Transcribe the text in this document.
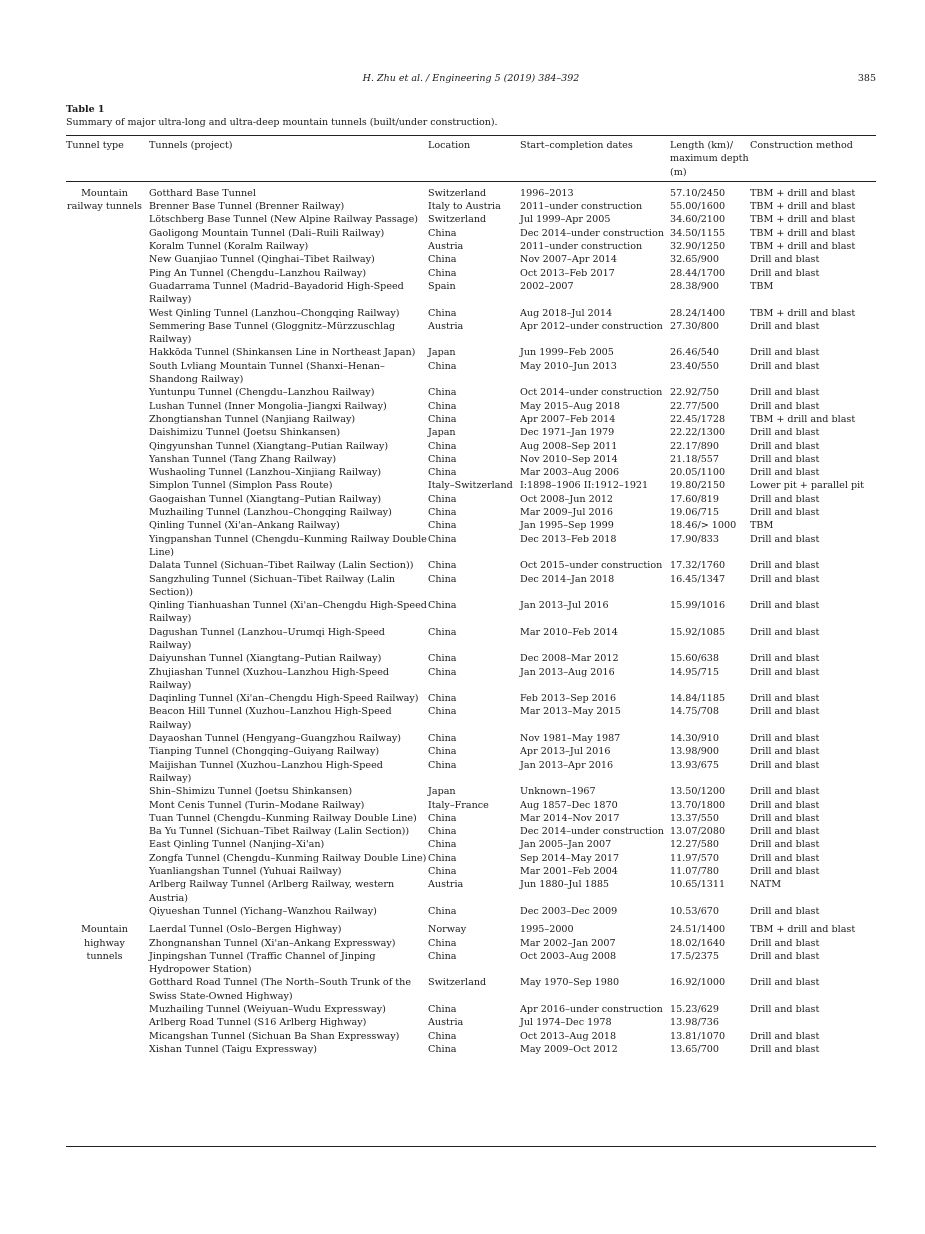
H. Zhu et al. / Engineering 5 (2019) 384–392	385
Table 1
Summary of major ultra-long and ultra-deep mountain tunnels (built/under construction).
Tunnel type	Tunnels (project)	Location	Start–completion dates	Length (km)/ maximum depth (m)	Construction method
Mountain railway tunnels	Gotthard Base Tunnel	Switzerland	1996–2013	57.10/2450	TBM + drill and blast
	Brenner Base Tunnel (Brenner Railway)	Italy to Austria	2011–under construction	55.00/1600	TBM + drill and blast
	Lötschberg Base Tunnel (New Alpine Railway Passage)	Switzerland	Jul 1999–Apr 2005	34.60/2100	TBM + drill and blast
	Gaoligong Mountain Tunnel (Dali–Ruili Railway)	China	Dec 2014–under construction	34.50/1155	TBM + drill and blast
	Koralm Tunnel (Koralm Railway)	Austria	2011–under construction	32.90/1250	TBM + drill and blast
	New Guanjiao Tunnel (Qinghai–Tibet Railway)	China	Nov 2007–Apr 2014	32.65/900	Drill and blast
	Ping An Tunnel (Chengdu–Lanzhou Railway)	China	Oct 2013–Feb 2017	28.44/1700	Drill and blast
	Guadarrama Tunnel (Madrid–Bayadorid High-Speed Railway)	Spain	2002–2007	28.38/900	TBM
	West Qinling Tunnel (Lanzhou–Chongqing Railway)	China	Aug 2018–Jul 2014	28.24/1400	TBM + drill and blast
	Semmering Base Tunnel (Gloggnitz–Mürzzuschlag Railway)	Austria	Apr 2012–under construction	27.30/800	Drill and blast
	Hakkōda Tunnel (Shinkansen Line in Northeast Japan)	Japan	Jun 1999–Feb 2005	26.46/540	Drill and blast
	South Lvliang Mountain Tunnel (Shanxi–Henan–Shandong Railway)	China	May 2010–Jun 2013	23.40/550	Drill and blast
	Yuntunpu Tunnel (Chengdu–Lanzhou Railway)	China	Oct 2014–under construction	22.92/750	Drill and blast
	Lushan Tunnel (Inner Mongolia–Jiangxi Railway)	China	May 2015–Aug 2018	22.77/500	Drill and blast
	Zhongtianshan Tunnel (Nanjiang Railway)	China	Apr 2007–Feb 2014	22.45/1728	TBM + drill and blast
	Daishimizu Tunnel (Joetsu Shinkansen)	Japan	Dec 1971–Jan 1979	22.22/1300	Drill and blast
	Qingyunshan Tunnel (Xiangtang–Putian Railway)	China	Aug 2008–Sep 2011	22.17/890	Drill and blast
	Yanshan Tunnel (Tang Zhang Railway)	China	Nov 2010–Sep 2014	21.18/557	Drill and blast
	Wushaoling Tunnel (Lanzhou–Xinjiang Railway)	China	Mar 2003–Aug 2006	20.05/1100	Drill and blast
	Simplon Tunnel (Simplon Pass Route)	Italy–Switzerland	I:1898–1906 II:1912–1921	19.80/2150	Lower pit + parallel pit
	Gaogaishan Tunnel (Xiangtang–Putian Railway)	China	Oct 2008–Jun 2012	17.60/819	Drill and blast
	Muzhailing Tunnel (Lanzhou–Chongqing Railway)	China	Mar 2009–Jul 2016	19.06/715	Drill and blast
	Qinling Tunnel (Xi'an–Ankang Railway)	China	Jan 1995–Sep 1999	18.46/> 1000	TBM
	Yingpanshan Tunnel (Chengdu–Kunming Railway Double Line)	China	Dec 2013–Feb 2018	17.90/833	Drill and blast
	Dalata Tunnel (Sichuan–Tibet Railway (Lalin Section))	China	Oct 2015–under construction	17.32/1760	Drill and blast
	Sangzhuling Tunnel (Sichuan–Tibet Railway (Lalin Section))	China	Dec 2014–Jan 2018	16.45/1347	Drill and blast
	Qinling Tianhuashan Tunnel (Xi'an–Chengdu High-Speed Railway)	China	Jan 2013–Jul 2016	15.99/1016	Drill and blast
	Dagushan Tunnel (Lanzhou–Urumqi High-Speed Railway)	China	Mar 2010–Feb 2014	15.92/1085	Drill and blast
	Daiyunshan Tunnel (Xiangtang–Putian Railway)	China	Dec 2008–Mar 2012	15.60/638	Drill and blast
	Zhujiashan Tunnel (Xuzhou–Lanzhou High-Speed Railway)	China	Jan 2013–Aug 2016	14.95/715	Drill and blast
	Daqinling Tunnel (Xi'an–Chengdu High-Speed Railway)	China	Feb 2013–Sep 2016	14.84/1185	Drill and blast
	Beacon Hill Tunnel (Xuzhou–Lanzhou High-Speed Railway)	China	Mar 2013–May 2015	14.75/708	Drill and blast
	Dayaoshan Tunnel (Hengyang–Guangzhou Railway)	China	Nov 1981–May 1987	14.30/910	Drill and blast
	Tianping Tunnel (Chongqing–Guiyang Railway)	China	Apr 2013–Jul 2016	13.98/900	Drill and blast
	Maijishan Tunnel (Xuzhou–Lanzhou High-Speed Railway)	China	Jan 2013–Apr 2016	13.93/675	Drill and blast
	Shin–Shimizu Tunnel (Joetsu Shinkansen)	Japan	Unknown–1967	13.50/1200	Drill and blast
	Mont Cenis Tunnel (Turin–Modane Railway)	Italy–France	Aug 1857–Dec 1870	13.70/1800	Drill and blast
	Tuan Tunnel (Chengdu–Kunming Railway Double Line)	China	Mar 2014–Nov 2017	13.37/550	Drill and blast
	Ba Yu Tunnel (Sichuan–Tibet Railway (Lalin Section))	China	Dec 2014–under construction	13.07/2080	Drill and blast
	East Qinling Tunnel (Nanjing–Xi'an)	China	Jan 2005–Jan 2007	12.27/580	Drill and blast
	Zongfa Tunnel (Chengdu–Kunming Railway Double Line)	China	Sep 2014–May 2017	11.97/570	Drill and blast
	Yuanliangshan Tunnel (Yuhuai Railway)	China	Mar 2001–Feb 2004	11.07/780	Drill and blast
	Arlberg Railway Tunnel (Arlberg Railway, western Austria)	Austria	Jun 1880–Jul 1885	10.65/1311	NATM
	Qiyueshan Tunnel (Yichang–Wanzhou Railway)	China	Dec 2003–Dec 2009	10.53/670	Drill and blast
Mountain highway tunnels	Laerdal Tunnel (Oslo–Bergen Highway)	Norway	1995–2000	24.51/1400	TBM + drill and blast
	Zhongnanshan Tunnel (Xi'an–Ankang Expressway)	China	Mar 2002–Jan 2007	18.02/1640	Drill and blast
	Jinpingshan Tunnel (Traffic Channel of Jinping Hydropower Station)	China	Oct 2003–Aug 2008	17.5/2375	Drill and blast
	Gotthard Road Tunnel (The North–South Trunk of the Swiss State-Owned Highway)	Switzerland	May 1970–Sep 1980	16.92/1000	Drill and blast
	Muzhailing Tunnel (Weiyuan–Wudu Expressway)	China	Apr 2016–under construction	15.23/629	Drill and blast
	Arlberg Road Tunnel (S16 Arlberg Highway)	Austria	Jul 1974–Dec 1978	13.98/736	
	Micangshan Tunnel (Sichuan Ba Shan Expressway)	China	Oct 2013–Aug 2018	13.81/1070	Drill and blast
	Xishan Tunnel (Taigu Expressway)	China	May 2009–Oct 2012	13.65/700	Drill and blast
